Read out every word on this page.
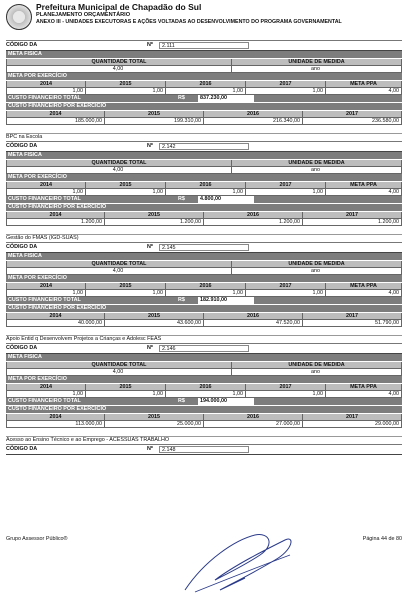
Prefeitura Municipal de Chapadão do Sul
PLANEJAMENTO ORÇAMENTÁRIO
ANEXO III - UNIDADES EXECUTORAS E AÇÕES VOLTADAS AO DESENVOLVIMENTO DO PROGRAMA GOVERNAMENTAL
CÓDIGO DA	Nº	2.111
META FÍSICA
QUANTIDADE TOTAL	UNIDADE DE MEDIDA
4,00	ano
META POR EXERCÍCIO
2014	2015	2016	2017	META PPA
1,00	1,00	1,00	1,00	4,00
CUSTO FINANCEIRO TOTAL	R$	837.230,00
CUSTO FINANCEIRO POR EXERCÍCIO
2014	2015	2016	2017
185.000,00	199.310,00	216.340,00	236.580,00
BPC na Escola
CÓDIGO DA	Nº	2.142
META FÍSICA
QUANTIDADE TOTAL	UNIDADE DE MEDIDA
4,00	ano
META POR EXERCÍCIO
2014	2015	2016	2017	META PPA
1,00	1,00	1,00	1,00	4,00
CUSTO FINANCEIRO TOTAL	R$	4.800,00
CUSTO FINANCEIRO POR EXERCÍCIO
2014	2015	2016	2017
1.200,00	1.200,00	1.200,00	1.200,00
Gestão do FMAS (IGD-SUAS)
CÓDIGO DA	Nº	2.145
META FÍSICA
QUANTIDADE TOTAL	UNIDADE DE MEDIDA
4,00	ano
META POR EXERCÍCIO
2014	2015	2016	2017	META PPA
1,00	1,00	1,00	1,00	4,00
CUSTO FINANCEIRO TOTAL	R$	182.910,00
CUSTO FINANCEIRO POR EXERCÍCIO
2014	2015	2016	2017
40.000,00	43.600,00	47.520,00	51.790,00
Apoio Entid q Desenvolvem Projetos a Crianças e Adolesc FEAS
CÓDIGO DA	Nº	2.146
META FÍSICA
QUANTIDADE TOTAL	UNIDADE DE MEDIDA
4,00	ano
META POR EXERCÍCIO
2014	2015	2016	2017	META PPA
1,00	1,00	1,00	1,00	4,00
CUSTO FINANCEIRO TOTAL	R$	194.000,00
CUSTO FINANCEIRO POR EXERCÍCIO
2014	2015	2016	2017
113.000,00	25.000,00	27.000,00	29.000,00
Acesso ao Ensino Técnico e ao Emprego - ACESSUAS TRABALHO
CÓDIGO DA	Nº	2.148
Grupo Assessor Público®	Página 44 de 80
